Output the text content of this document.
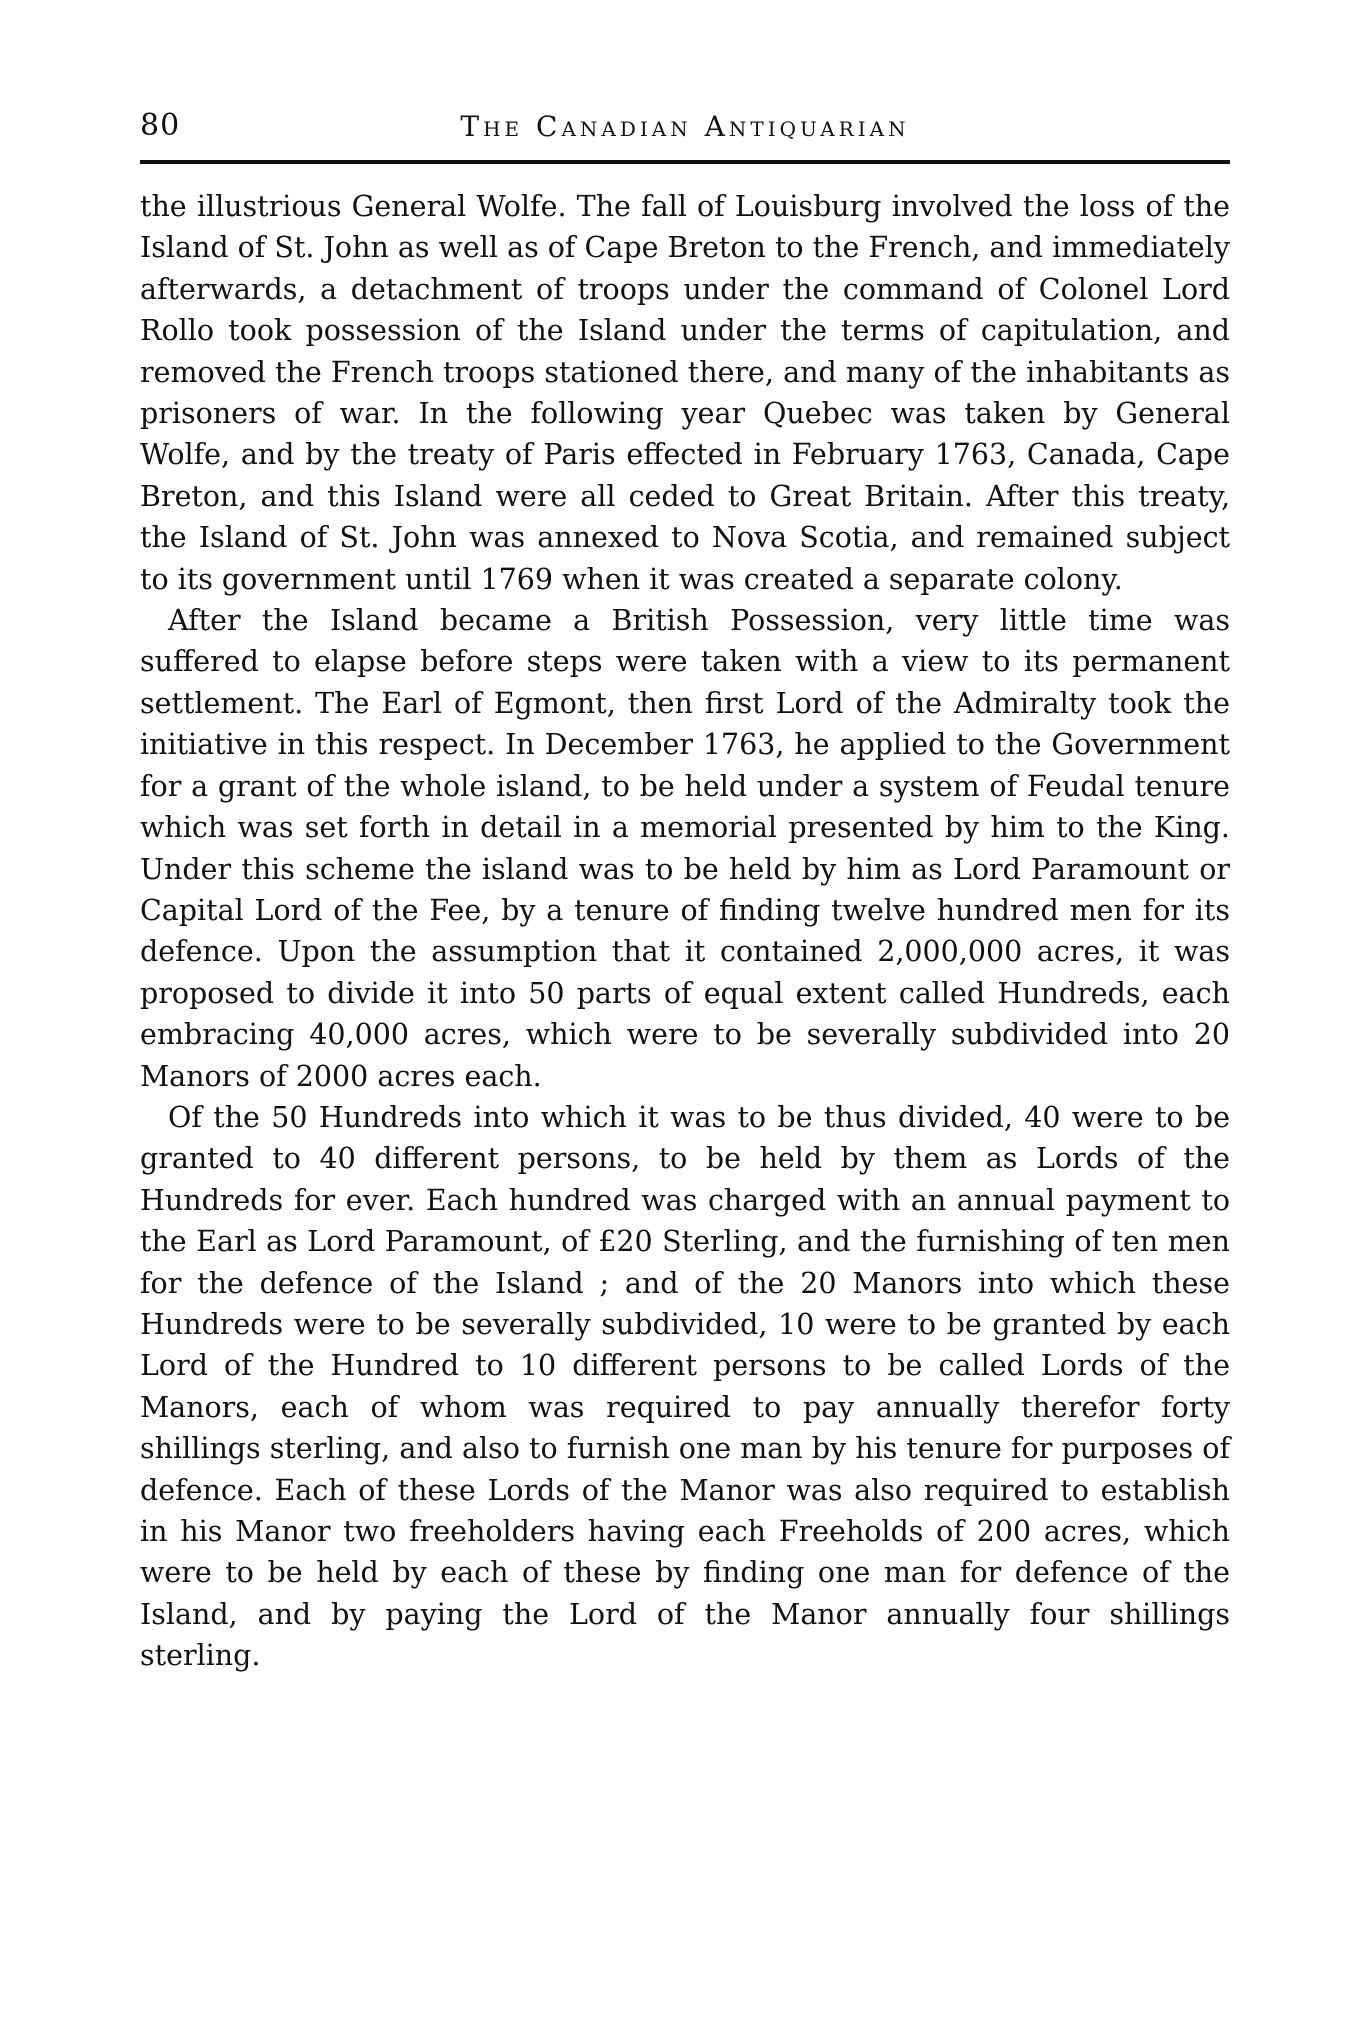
80	The Canadian Antiquarian

the illustrious General Wolfe. The fall of Louisburg involved the loss of the Island of St. John as well as of Cape Breton to the French, and immediately afterwards, a detachment of troops under the command of Colonel Lord Rollo took possession of the Island under the terms of capitulation, and removed the French troops stationed there, and many of the inhabitants as prisoners of war. In the following year Quebec was taken by General Wolfe, and by the treaty of Paris effected in February 1763, Canada, Cape Breton, and this Island were all ceded to Great Britain. After this treaty, the Island of St. John was annexed to Nova Scotia, and remained subject to its government until 1769 when it was created a separate colony.

After the Island became a British Possession, very little time was suffered to elapse before steps were taken with a view to its permanent settlement. The Earl of Egmont, then first Lord of the Admiralty took the initiative in this respect. In December 1763, he applied to the Government for a grant of the whole island, to be held under a system of Feudal tenure which was set forth in detail in a memorial presented by him to the King. Under this scheme the island was to be held by him as Lord Paramount or Capital Lord of the Fee, by a tenure of finding twelve hundred men for its defence. Upon the assumption that it contained 2,000,000 acres, it was proposed to divide it into 50 parts of equal extent called Hundreds, each embracing 40,000 acres, which were to be severally subdivided into 20 Manors of 2000 acres each.

Of the 50 Hundreds into which it was to be thus divided, 40 were to be granted to 40 different persons, to be held by them as Lords of the Hundreds for ever. Each hundred was charged with an annual payment to the Earl as Lord Paramount, of £20 Sterling, and the furnishing of ten men for the defence of the Island ; and of the 20 Manors into which these Hundreds were to be severally subdivided, 10 were to be granted by each Lord of the Hundred to 10 different persons to be called Lords of the Manors, each of whom was required to pay annually therefor forty shillings sterling, and also to furnish one man by his tenure for purposes of defence. Each of these Lords of the Manor was also required to establish in his Manor two freeholders having each Freeholds of 200 acres, which were to be held by each of these by finding one man for defence of the Island, and by paying the Lord of the Manor annually four shillings sterling.
